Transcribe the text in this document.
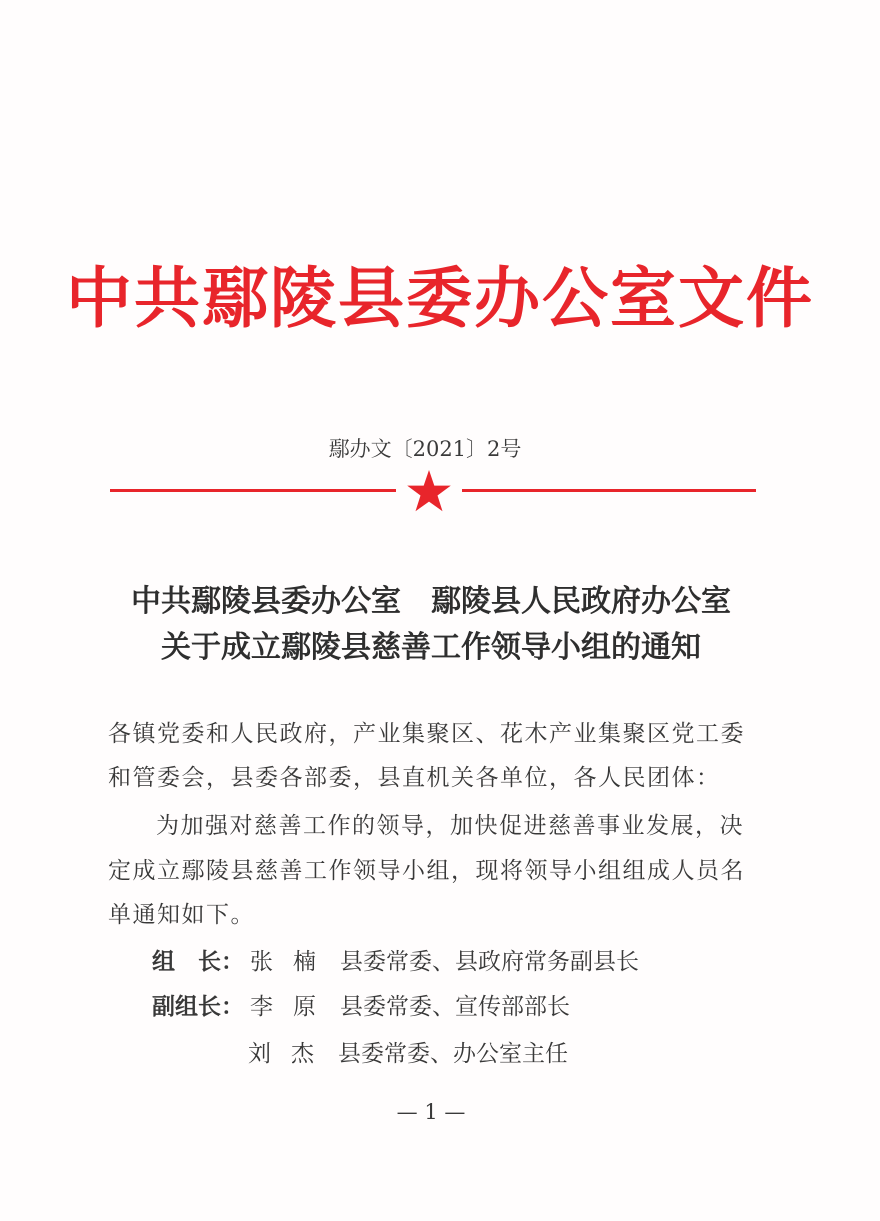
中共鄢陵县委办公室文件
鄢办文〔2021〕2号
中共鄢陵县委办公室　鄢陵县人民政府办公室
关于成立鄢陵县慈善工作领导小组的通知
各镇党委和人民政府，产业集聚区、花木产业集聚区党工委
和管委会，县委各部委，县直机关各单位，各人民团体：
为加强对慈善工作的领导，加快促进慈善事业发展，决
定成立鄢陵县慈善工作领导小组，现将领导小组组成人员名
单通知如下。
组　长： 张楠 县委常委、县政府常务副县长
副组长： 李原 县委常委、宣传部部长
刘杰 县委常委、办公室主任
— 1 —
